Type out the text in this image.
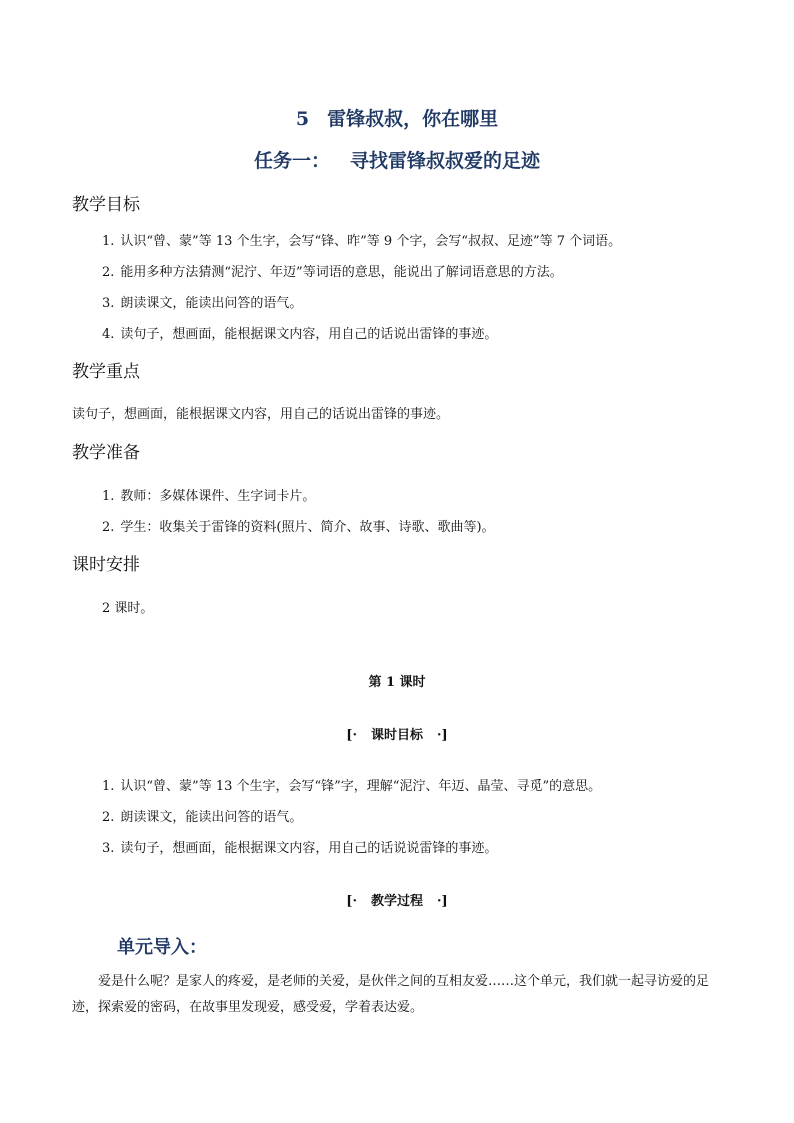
5 雷锋叔叔，你在哪里
任务一： 寻找雷锋叔叔爱的足迹
教学目标
1. 认识“曾、蒙”等 13 个生字，会写“锋、昨”等 9 个字，会写“叔叔、足迹”等 7 个词语。
2. 能用多种方法猜测“泥泞、年迈”等词语的意思，能说出了解词语意思的方法。
3. 朗读课文，能读出问答的语气。
4. 读句子，想画面，能根据课文内容，用自己的话说出雷锋的事迹。
教学重点
读句子，想画面，能根据课文内容，用自己的话说出雷锋的事迹。
教学准备
1. 教师：多媒体课件、生字词卡片。
2. 学生：收集关于雷锋的资料(照片、简介、故事、诗歌、歌曲等)。
课时安排
2 课时。
第 1 课时
[· 课时目标 ·]
1. 认识“曾、蒙”等 13 个生字，会写“锋”字，理解“泥泞、年迈、晶莹、寻觅”的意思。
2. 朗读课文，能读出问答的语气。
3. 读句子，想画面，能根据课文内容，用自己的话说说雷锋的事迹。
[· 教学过程 ·]
单元导入：
爱是什么呢？是家人的疼爱，是老师的关爱，是伙伴之间的互相友爱……这个单元，我们就一起寻访爱的足迹，探索爱的密码，在故事里发现爱，感受爱，学着表达爱。
